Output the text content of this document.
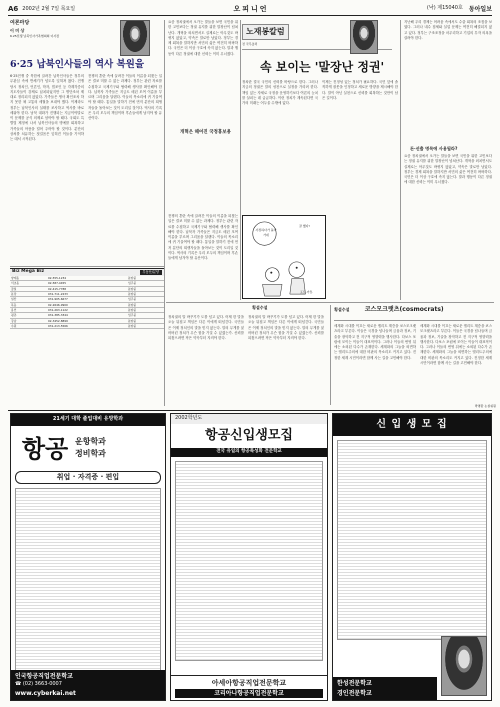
A6 2002년 2월 7일 목요일	오피니언	(낙) 제15040호 동아일보
여론마당
이 미 상
6·25전쟁 납북인사가족협의회 이사장
6·25 납북인사들의 역사 복원을
6·25전쟁 중 북한에 끌려간 납북인사들은 정부의 무관심 속에 반세기가 넘도록 잊혀져 왔다. 전쟁 당시 정치인, 언론인, 학자, 법조인 등 각계각층의 지도자들이 강제로 납치되었지만 그 명단조차 제대로 정리되지 않았다. 가족들은 생사 확인조차 하지 못한 채 고통의 세월을 보내야 했다. 이제라도 정부는 납북인사의 실태를 조사하고 역사를 바로 세워야 한다. 남북 대화가 진행되는 지금이야말로 이 문제를 공식 의제로 삼아야 할 때다. 국회도 특별법 제정에 나서 납북인사들의 명예를 회복하고 가족들의 아픔을 덜어 주어야 할 것이다. 분단의 상처를 치유하는 첫걸음은 잊혀진 이들을 기억하는 데서 시작된다.
전쟁의 혼란 속에 끌려간 이들의 이름을 되찾는 일은 결코 미룰 수 없는 과제다. 정부는 관련 자료를 수집하고 국제기구와 협력해 생사를 확인해야 한다. 납북자 가족들은 지금도 매년 모여 이름을 부르며 그리움을 달랜다. 이들의 목소리에 귀 기울여야 할 때다. 통일을 말하기 전에 먼저 분단의 희생자들을 돌아보는 것이 도리일 것이다. 역사의 기록은 우리 모두의 책임이며 후손들에게 남겨야 할 유산이다.
요즘 정치권에서 오가는 말들을 보면 국민을 위한 고민보다는 정권 유지를 위한 말장난이 넘쳐난다. 개혁을 외치면서도 실제로는 아무것도 바뀌지 않았고, 약속은 말로만 남았다. 정부는 경제 회복을 말하지만 서민의 삶은 여전히 팍팍하다. 국민은 더 이상 구호에 속지 않는다. 말과 행동이 다른 정권에 대한 신뢰는 이미 무너졌다.
개혁은 헤어진 국정홍보용
노재봉칼럼
전 국무총리
속 보이는 '말장난 정권'
정치란 결국 국민의 신뢰를 바탕으로 한다. 그러나 지금의 정권은 말의 성찬으로 실정을 가리려 한다. 책임 있는 자세로 국정을 운영하기보다 여론의 눈치를 살피는 데 급급하다. 이런 정치가 계속된다면 국가의 미래는 어두울 수밖에 없다.
이제는 진정성 있는 정치가 필요하다. 국민 앞에 솔직하게 잘못을 인정하고 새로운 방향을 제시해야 한다. 말이 아닌 실천으로 신뢰를 회복하는 것만이 남은 길이다.
지난해 우리 경제는 어려움 속에서도 수출 회복의 조짐을 보였다. 그러나 내수 침체와 실업 문제는 여전히 해결되지 않고 있다. 정부는 구조조정을 마무리하고 기업의 투자 의욕을 살려야 한다.
돈·선출 명목에 사용될라?
요즘 정치권에서 오가는 말들을 보면 국민을 위한 고민보다는 정권 유지를 위한 말장난이 넘쳐난다. 개혁을 외치면서도 실제로는 아무것도 바뀌지 않았고, 약속은 말로만 남았다. 정부는 경제 회복을 말하지만 서민의 삶은 여전히 팍팍하다. 국민은 더 이상 구호에 속지 않는다. 말과 행동이 다른 정권에 대한 신뢰는 이미 무너졌다.
사정하다가 돌아가네
잘 했다!
포토·카툰
횡설수설
전쟁의 혼란 속에 끌려간 이들의 이름을 되찾는 일은 결코 미룰 수 없는 과제다. 정부는 관련 자료를 수집하고 국제기구와 협력해 생사를 확인해야 한다. 납북자 가족들은 지금도 매년 모여 이름을 부르며 그리움을 달랜다. 이들의 목소리에 귀 기울여야 할 때다. 통일을 말하기 전에 먼저 분단의 희생자들을 돌아보는 것이 도리일 것이다. 역사의 기록은 우리 모두의 책임이며 후손들에게 남겨야 할 유산이다.
정치권의 말 바꾸기가 도를 넘고 있다. 어제 한 말을 오늘 뒤집고 책임은 다른 이에게 떠넘긴다. 국민들은 이제 정치인의 말을 믿지 않는다. 말의 무게를 잃어버린 정치가 무슨 힘을 가질 수 있겠는가. 신뢰를 되찾으려면 작은 약속부터 지켜야 한다.
정치권의 말 바꾸기가 도를 넘고 있다. 어제 한 말을 오늘 뒤집고 책임은 다른 이에게 떠넘긴다. 국민들은 이제 정치인의 말을 믿지 않는다. 말의 무게를 잃어버린 정치가 무슨 힘을 가질 수 있겠는가. 신뢰를 되찾으려면 작은 약속부터 지켜야 한다.
횡설수설	코스모크랫츠(cosmocrats)
세계화 시대를 이끄는 새로운 엘리트 계층을 코스모크랫츠라고 부른다. 이들은 국경을 넘나들며 금융과 정보, 기술을 장악하고 전 지구적 영향력을 행사한다. 다보스 포럼에 모이는 이들이 대표적이다. 그러나 이들의 번영 뒤에는 소외된 다수가 존재한다. 세계화의 그늘을 외면하는 엘리트주의에 대한 비판의 목소리도 커지고 있다. 진정한 세계 시민이라면 함께 사는 길을 고민해야 한다.
세계화 시대를 이끄는 새로운 엘리트 계층을 코스모크랫츠라고 부른다. 이들은 국경을 넘나들며 금융과 정보, 기술을 장악하고 전 지구적 영향력을 행사한다. 다보스 포럼에 모이는 이들이 대표적이다. 그러나 이들의 번영 뒤에는 소외된 다수가 존재한다. 세계화의 그늘을 외면하는 엘리트주의에 대한 비판의 목소리도 커지고 있다. 진정한 세계 시민이라면 함께 사는 길을 고민해야 한다.
박명환 논설위원
Biz Mega Biz	부동산/분양
양재동	02-555-1234	분양중
서초동	02-587-4455	입주중
잠실	02-415-7788	분양중
분당	031-711-2233	분양중
일산	031-905-6677	입주중
목동	02-2646-9900	분양중
용인	031-263-1122	분양중
평촌	031-385-3344	입주중
강남	02-3452-8899	분양중
수원	031-213-5566	분양중
21세기 대학 졸업대비 유망학과
항공 운항학과
정비학과
취업 · 자격증 · 편입
인국항공직업전문학교
☎ (02) 3663-0007
www.cyberkai.net
2002학년도
항공신입생모집
전국 유일의 항공특성화 전문학교
아세아항공직업전문학교
코리아나항공직업전문학교
신 입 생 모 집
한성전문학교
경인전문학교
